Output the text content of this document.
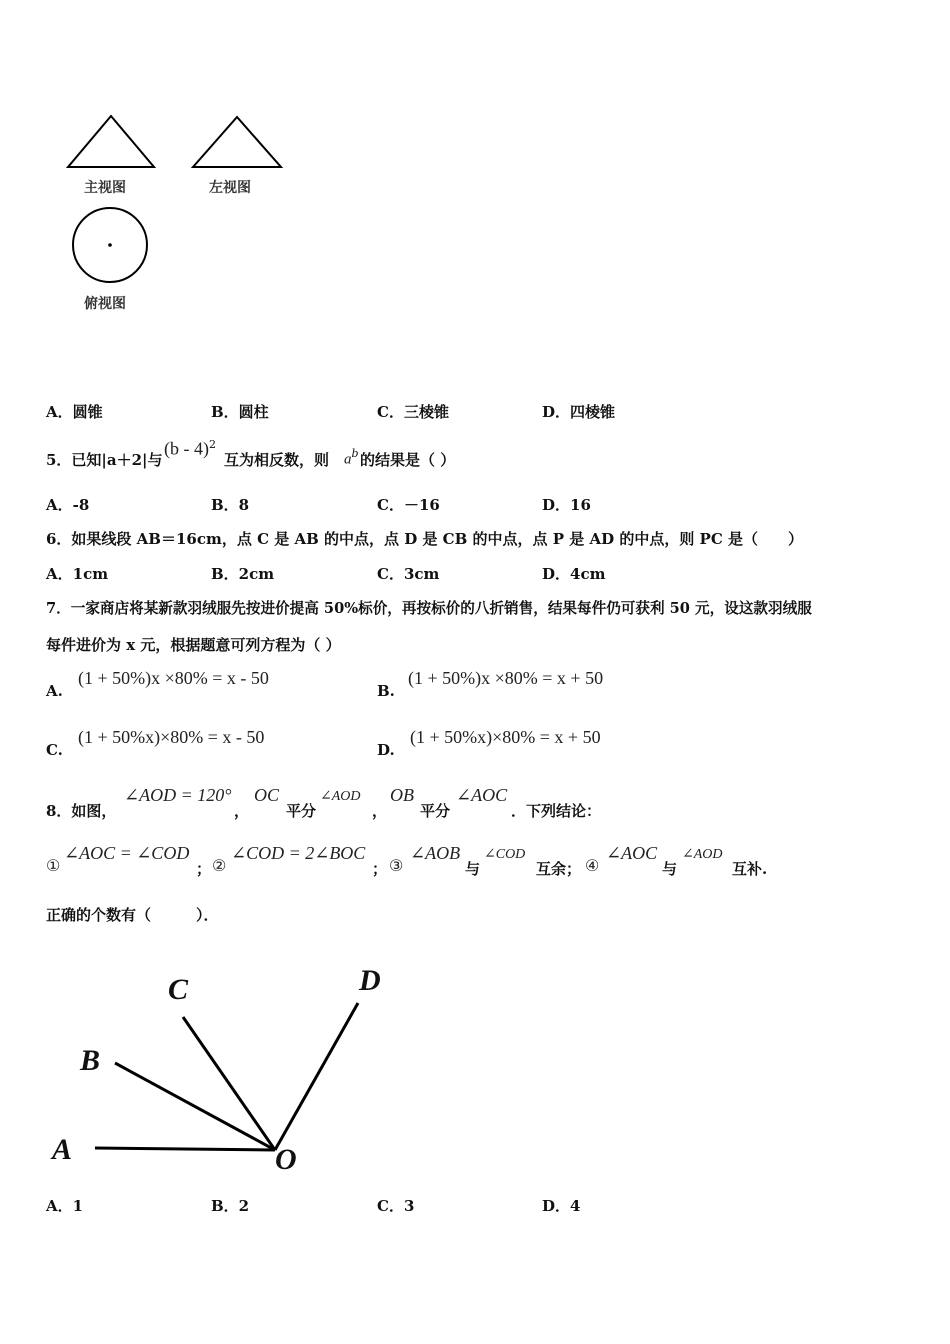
主视图	左视图
俯视图
A．圆锥	B．圆柱	C．三棱锥	D．四棱锥
5．已知|a＋2|与
(b - 4)$^2$
互为相反数，则 $a^b$ 的结果是（ ）
A．-8	B．8	C．－16	D．16
6．如果线段 AB＝16cm，点 C 是 AB 的中点，点 D 是 CB 的中点，点 P 是 AD 的中点，则 PC 是（　　）
A．1cm	B．2cm	C．3cm	D．4cm
7．一家商店将某新款羽绒服先按进价提高 50%标价，再按标价的八折销售，结果每件仍可获利 50 元，设这款羽绒服
每件进价为 x 元，根据题意可列方程为（ ）
A.
(1 + 50%)x ×80% = x - 50
B.
(1 + 50%)x ×80% = x + 50
C.
(1 + 50%x)×80% = x - 50
D.
(1 + 50%x)×80% = x + 50
8．如图，
∠AOD = 120°
，
OC
平分
∠AOD
，
OB
平分
∠AOC
．下列结论：
①
∠AOC = ∠COD
； ②
∠COD = 2∠BOC
； ③
∠AOB
与
∠COD
互余； ④
∠AOC
与
∠AOD
互补.
正确的个数有（　　　）．
A
B
C	D
O
A．1	B．2	C．3	D．4
